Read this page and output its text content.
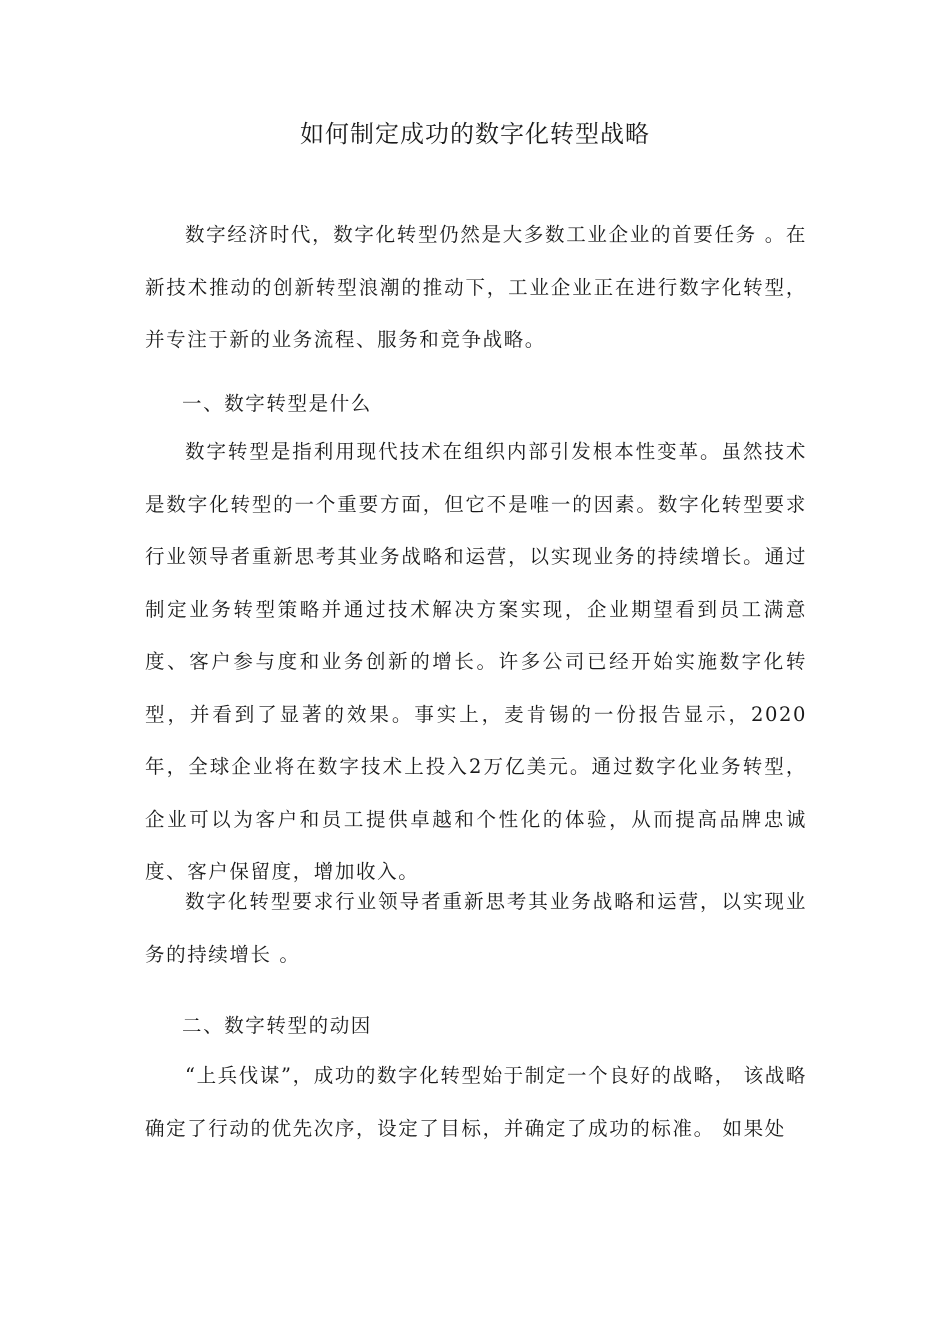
如何制定成功的数字化转型战略
数字经济时代，数字化转型仍然是大多数工业企业的首要任务 。在新技术推动的创新转型浪潮的推动下，工业企业正在进行数字化转型，并专注于新的业务流程、服务和竞争战略。
一、数字转型是什么
数字转型是指利用现代技术在组织内部引发根本性变革。虽然技术是数字化转型的一个重要方面，但它不是唯一的因素。数字化转型要求行业领导者重新思考其业务战略和运营，以实现业务的持续增长。通过制定业务转型策略并通过技术解决方案实现，企业期望看到员工满意度、客户参与度和业务创新的增长。许多公司已经开始实施数字化转型，并看到了显著的效果。事实上，麦肯锡的一份报告显示，2020年，全球企业将在数字技术上投入2万亿美元。通过数字化业务转型，企业可以为客户和员工提供卓越和个性化的体验，从而提高品牌忠诚度、客户保留度，增加收入。
数字化转型要求行业领导者重新思考其业务战略和运营，以实现业务的持续增长 。
二、数字转型的动因
“上兵伐谋”，成功的数字化转型始于制定一个良好的战略， 该战略确定了行动的优先次序，设定了目标，并确定了成功的标准。 如果处
